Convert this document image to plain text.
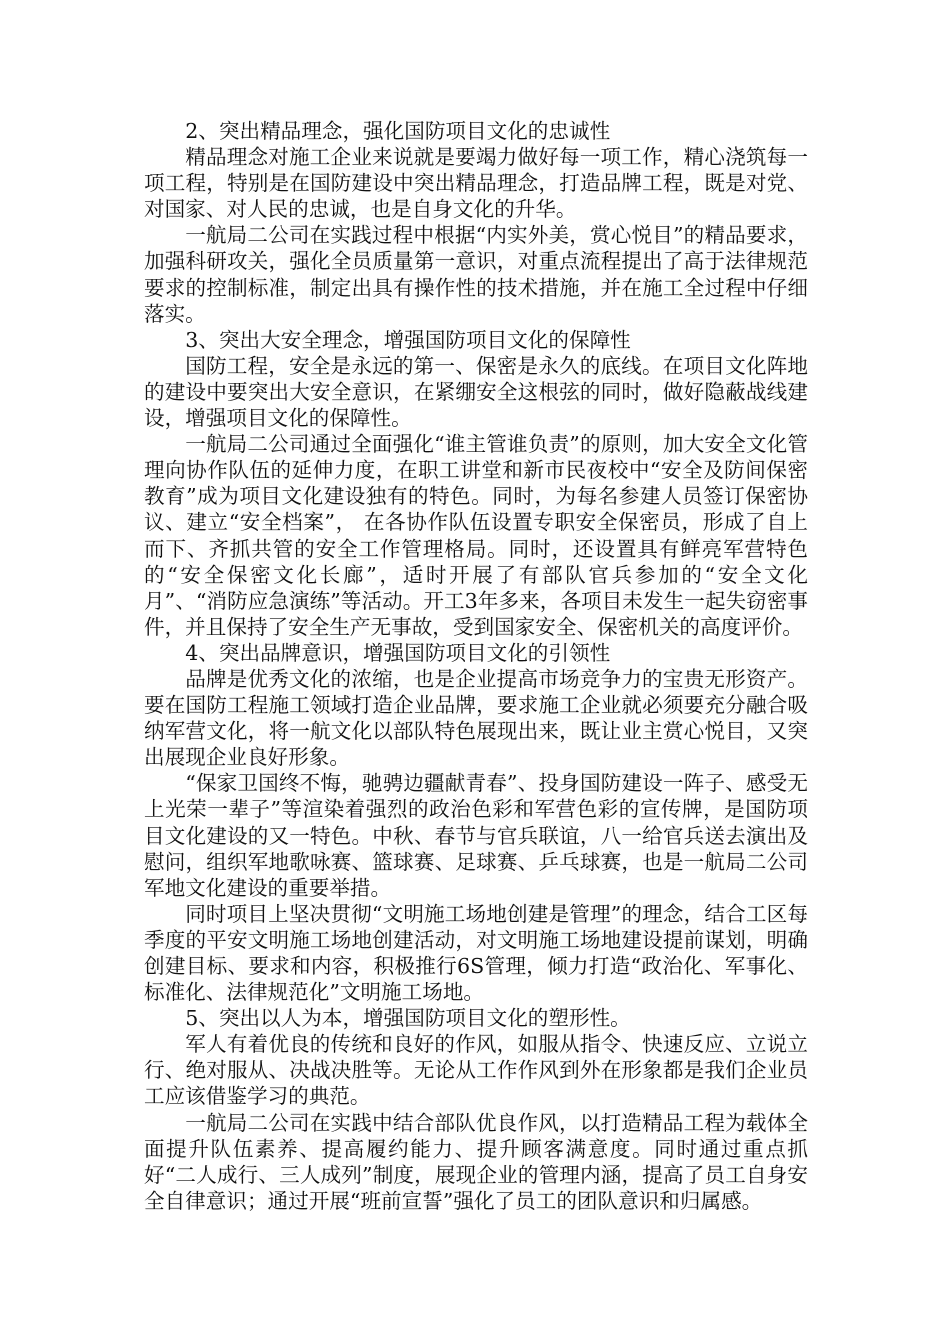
2、突出精品理念，强化国防项目文化的忠诚性

精品理念对施工企业来说就是要竭力做好每一项工作，精心浇筑每一项工程，特别是在国防建设中突出精品理念，打造品牌工程，既是对党、对国家、对人民的忠诚，也是自身文化的升华。

一航局二公司在实践过程中根据“内实外美，赏心悦目”的精品要求，加强科研攻关，强化全员质量第一意识，对重点流程提出了高于法律规范要求的控制标准，制定出具有操作性的技术措施，并在施工全过程中仔细落实。

3、突出大安全理念，增强国防项目文化的保障性

国防工程，安全是永远的第一、保密是永久的底线。在项目文化阵地的建设中要突出大安全意识，在紧绷安全这根弦的同时，做好隐蔽战线建设，增强项目文化的保障性。

一航局二公司通过全面强化“谁主管谁负责”的原则，加大安全文化管理向协作队伍的延伸力度，在职工讲堂和新市民夜校中“安全及防间保密教育”成为项目文化建设独有的特色。同时，为每名参建人员签订保密协议、建立“安全档案”， 在各协作队伍设置专职安全保密员，形成了自上而下、齐抓共管的安全工作管理格局。同时，还设置具有鲜亮军营特色的“安全保密文化长廊”，适时开展了有部队官兵参加的“安全文化月”、“消防应急演练”等活动。开工3年多来，各项目未发生一起失窃密事件，并且保持了安全生产无事故，受到国家安全、保密机关的高度评价。

4、突出品牌意识，增强国防项目文化的引领性

品牌是优秀文化的浓缩，也是企业提高市场竞争力的宝贵无形资产。要在国防工程施工领域打造企业品牌，要求施工企业就必须要充分融合吸纳军营文化，将一航文化以部队特色展现出来，既让业主赏心悦目，又突出展现企业良好形象。

“保家卫国终不悔，驰骋边疆献青春”、投身国防建设一阵子、感受无上光荣一辈子”等渲染着强烈的政治色彩和军营色彩的宣传牌，是国防项目文化建设的又一特色。中秋、春节与官兵联谊，八一给官兵送去演出及慰问，组织军地歌咏赛、篮球赛、足球赛、乒乓球赛，也是一航局二公司军地文化建设的重要举措。

同时项目上坚决贯彻“文明施工场地创建是管理”的理念，结合工区每季度的平安文明施工场地创建活动，对文明施工场地建设提前谋划，明确创建目标、要求和内容，积极推行6S管理，倾力打造“政治化、军事化、标准化、法律规范化”文明施工场地。

5、突出以人为本，增强国防项目文化的塑形性。

军人有着优良的传统和良好的作风，如服从指令、快速反应、立说立行、绝对服从、决战决胜等。无论从工作作风到外在形象都是我们企业员工应该借鉴学习的典范。

一航局二公司在实践中结合部队优良作风，以打造精品工程为载体全面提升队伍素养、提高履约能力、提升顾客满意度。同时通过重点抓好“二人成行、三人成列”制度，展现企业的管理内涵，提高了员工自身安全自律意识；通过开展“班前宣誓”强化了员工的团队意识和归属感。
